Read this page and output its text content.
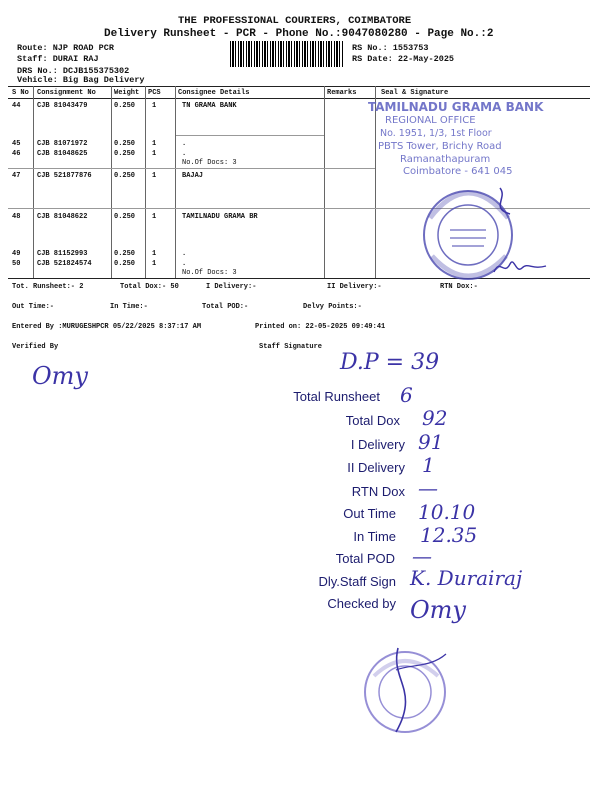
THE PROFESSIONAL COURIERS, COIMBATORE
Delivery Runsheet - PCR - Phone No.:9047080280 - Page No.:2
Route: NJP ROAD PCR
Staff: DURAI RAJ
DRS No.: DCJB155375302
Vehicle: Big Bag Delivery
RS No.: 1553753
RS Date: 22-May-2025
S No Consignment No	Weight PCS Consignee Details	Remarks	Seal & Signature
44 CJB 81043479	0.250 1	TN GRAMA BANK
45 CJB 81071972	0.250 1	.
46 CJB 81048625	0.250 1	.
No.Of Docs: 3
47 CJB 521877876	0.250 1	BAJAJ
48 CJB 81048622	0.250 1	TAMILNADU GRAMA BR
49 CJB 81152993	0.250 1	.
50 CJB 521824574	0.250 1	.
No.Of Docs: 3
Tot. Runsheet:- 2	Total Dox:- 50	I Delivery:-	II Delivery:-	RTN Dox:-
Out Time:-	In Time:-	Total POD:-	Delvy Points:-
Entered By :MURUGESHPCR 05/22/2025 8:37:17 AM	Printed on: 22-05-2025 09:49:41
Verified By	Staff Signature
TAMILNADU GRAMA BANK
REGIONAL OFFICE
No. 1951, 1/3, 1st Floor
PBTS Tower, Brichy Road
Ramanathapuram
Coimbatore - 641 045
Omy	D.P = 39
Total Runsheet 6
Total Dox 92
I Delivery 91
II Delivery 1
RTN Dox —
Out Time 10.10
In Time 12.35
Total POD —
Dly.Staff Sign K. Durairaj
Checked by Omy
